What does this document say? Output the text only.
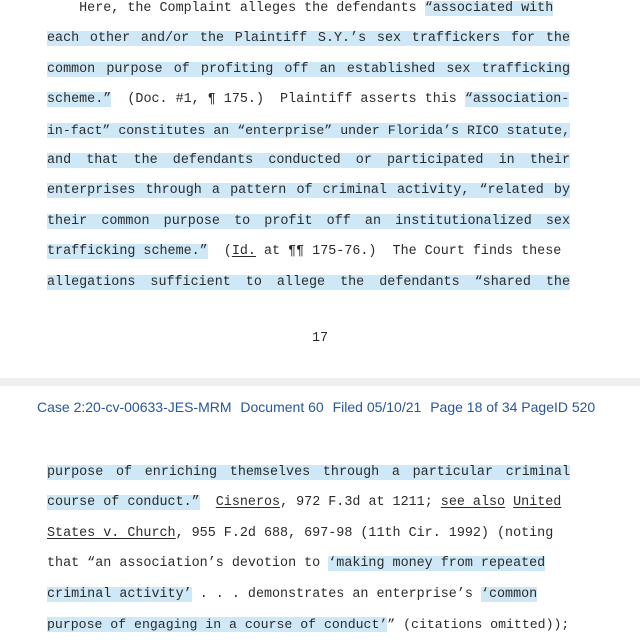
Here, the Complaint alleges the defendants “associated with
each other and/or the Plaintiff S.Y.’s sex traffickers for the
common purpose of profiting off an established sex trafficking
scheme.”  (Doc. #1, ¶ 175.)  Plaintiff asserts this “association-
in-fact” constitutes an “enterprise” under Florida’s RICO statute,
and that the defendants conducted or participated in their
enterprises through a pattern of criminal activity, “related by
their common purpose to profit off an institutionalized sex
trafficking scheme.”  (Id. at ¶¶ 175-76.)  The Court finds these
allegations sufficient to allege the defendants “shared the
17
purpose of enriching themselves through a particular criminal
course of conduct.” Cisneros, 972 F.3d at 1211; see also United
States v. Church, 955 F.2d 688, 697-98 (11th Cir. 1992) (noting
that “an association’s devotion to ‘making money from repeated
criminal activity’ . . . demonstrates an enterprise’s ‘common
purpose of engaging in a course of conduct’” (citations omitted));
Case 2:20-cv-00633-JES-MRM Document 60 Filed 05/10/21 Page 18 of 34 PageID 520
